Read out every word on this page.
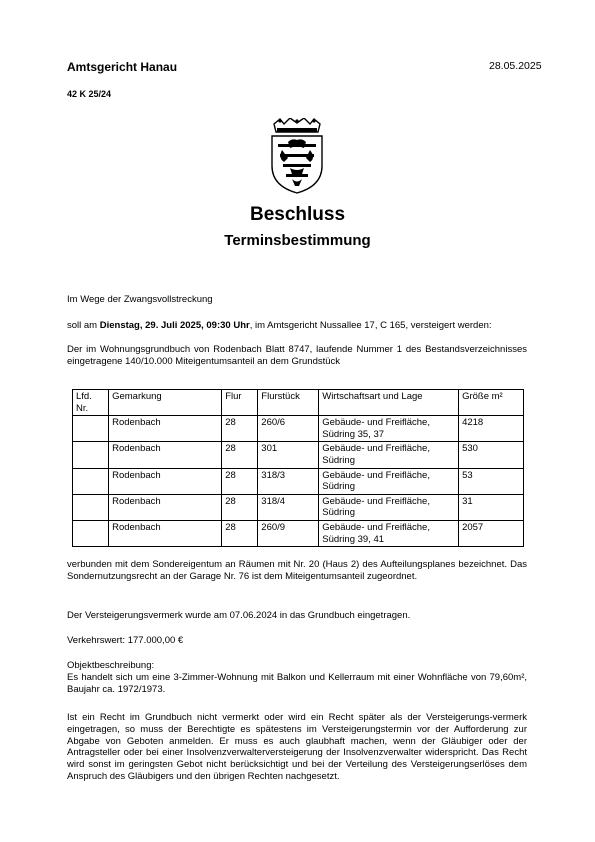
Amtsgericht Hanau	28.05.2025
42 K 25/24
Beschluss
Terminsbestimmung
Im Wege der Zwangsvollstreckung
soll am Dienstag, 29. Juli 2025, 09:30 Uhr, im Amtsgericht Nussallee 17, C 165, versteigert werden:
Der im Wohnungsgrundbuch von Rodenbach Blatt 8747, laufende Nummer 1 des Bestandsverzeichnisses eingetragene 140/10.000 Miteigentumsanteil an dem Grundstück
Lfd. Nr.	Gemarkung	Flur	Flurstück	Wirtschaftsart und Lage	Größe m²
	Rodenbach	28	260/6	Gebäude- und Freifläche, Südring 35, 37	4218
	Rodenbach	28	301	Gebäude- und Freifläche, Südring	530
	Rodenbach	28	318/3	Gebäude- und Freifläche, Südring	53
	Rodenbach	28	318/4	Gebäude- und Freifläche, Südring	31
	Rodenbach	28	260/9	Gebäude- und Freifläche, Südring 39, 41	2057
verbunden mit dem Sondereigentum an Räumen mit Nr. 20 (Haus 2) des Aufteilungsplanes bezeichnet. Das Sondernutzungsrecht an der Garage Nr. 76 ist dem Miteigentumsanteil zugeordnet.
Der Versteigerungsvermerk wurde am 07.06.2024 in das Grundbuch eingetragen.
Verkehrswert: 177.000,00 €
Objektbeschreibung:
Es handelt sich um eine 3-Zimmer-Wohnung mit Balkon und Kellerraum mit einer Wohnfläche von 79,60m², Baujahr ca. 1972/1973.
Ist ein Recht im Grundbuch nicht vermerkt oder wird ein Recht später als der Versteigerungs-vermerk eingetragen, so muss der Berechtigte es spätestens im Versteigerungstermin vor der Aufforderung zur Abgabe von Geboten anmelden. Er muss es auch glaubhaft machen, wenn der Gläubiger oder der Antragsteller oder bei einer Insolvenzverwalterversteigerung der Insolvenzverwalter widerspricht. Das Recht wird sonst im geringsten Gebot nicht berücksichtigt und bei der Verteilung des Versteigerungserlöses dem Anspruch des Gläubigers und den übrigen Rechten nachgesetzt.
